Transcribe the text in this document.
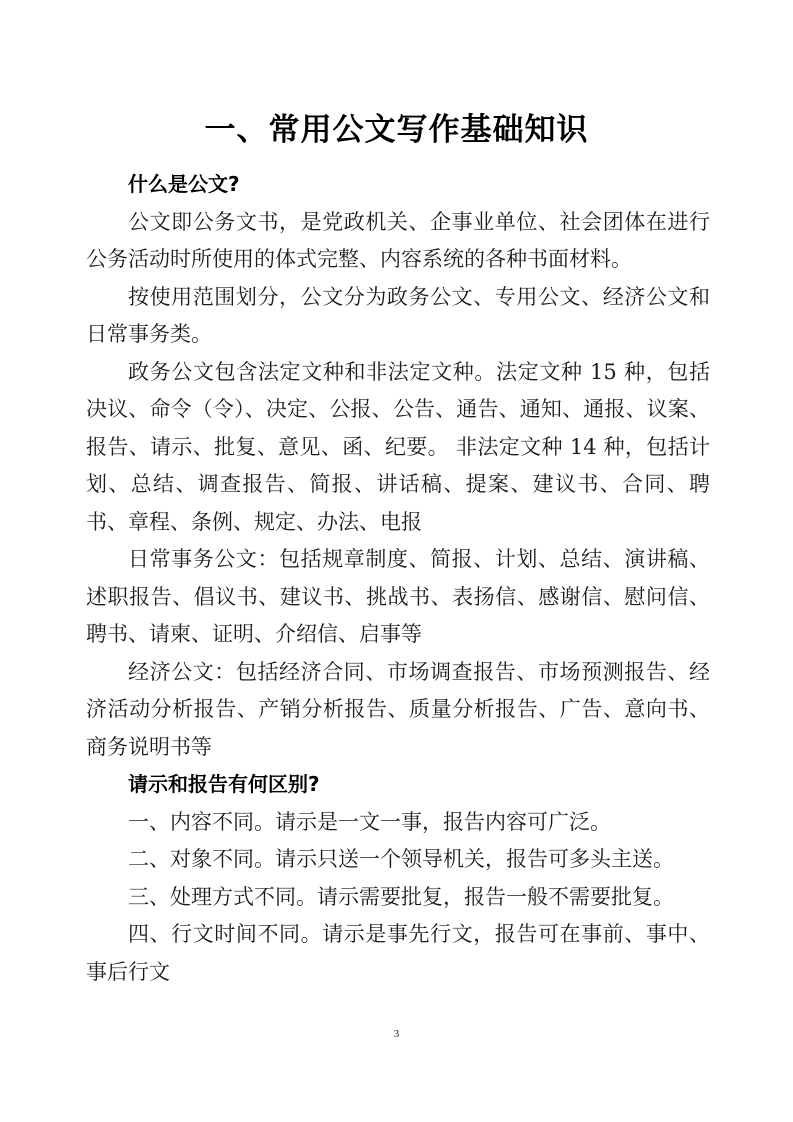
一、常用公文写作基础知识

什么是公文?

公文即公务文书，是党政机关、企事业单位、社会团体在进行公务活动时所使用的体式完整、内容系统的各种书面材料。

按使用范围划分，公文分为政务公文、专用公文、经济公文和日常事务类。

政务公文包含法定文种和非法定文种。法定文种 15 种，包括决议、命令（令）、决定、公报、公告、通告、通知、通报、议案、报告、请示、批复、意见、函、纪要。 非法定文种 14 种，包括计划、总结、调查报告、简报、讲话稿、提案、建议书、合同、聘书、章程、条例、规定、办法、电报

日常事务公文：包括规章制度、简报、计划、总结、演讲稿、述职报告、倡议书、建议书、挑战书、表扬信、感谢信、慰问信、聘书、请柬、证明、介绍信、启事等

经济公文：包括经济合同、市场调查报告、市场预测报告、经济活动分析报告、产销分析报告、质量分析报告、广告、意向书、商务说明书等

请示和报告有何区别?

一、内容不同。请示是一文一事，报告内容可广泛。

二、对象不同。请示只送一个领导机关，报告可多头主送。

三、处理方式不同。请示需要批复，报告一般不需要批复。

四、行文时间不同。请示是事先行文，报告可在事前、事中、事后行文

3
